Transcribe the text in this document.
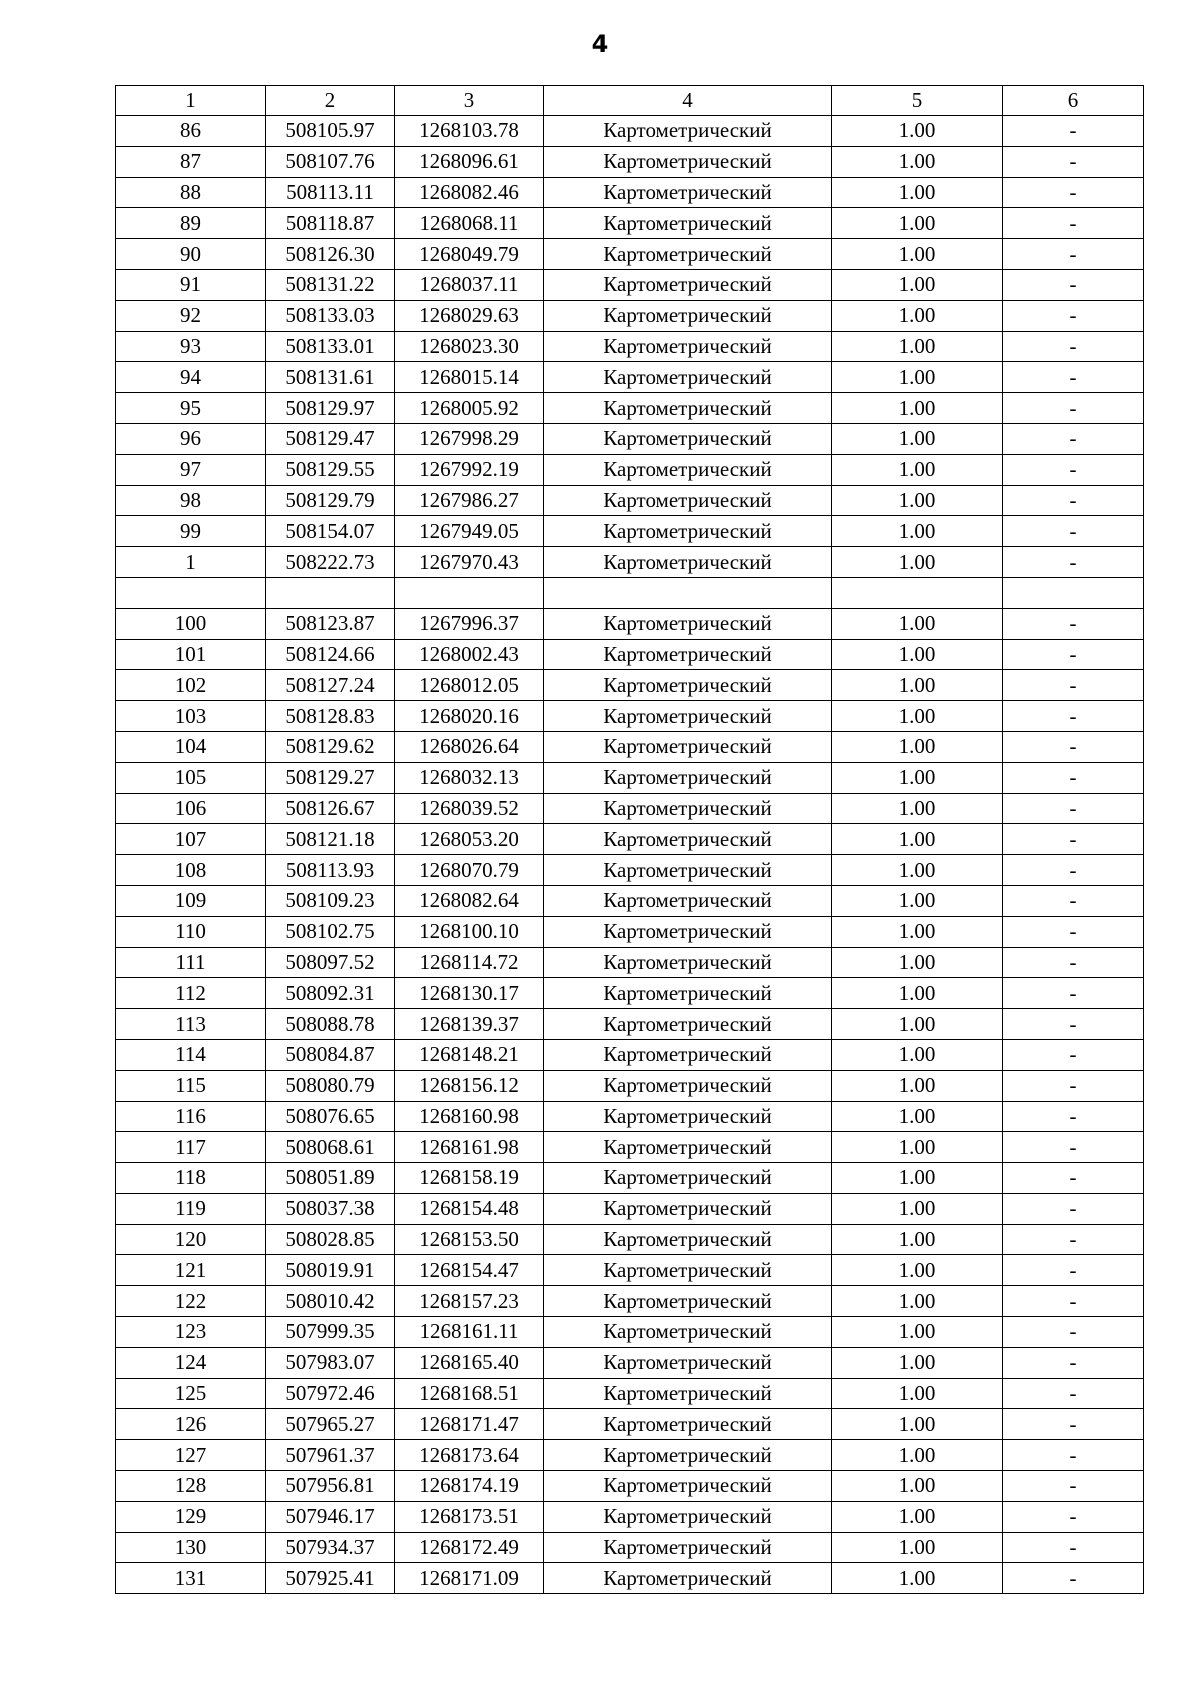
4
1	2	3	4	5	6
86	508105.97	1268103.78	Картометрический	1.00	-
87	508107.76	1268096.61	Картометрический	1.00	-
88	508113.11	1268082.46	Картометрический	1.00	-
89	508118.87	1268068.11	Картометрический	1.00	-
90	508126.30	1268049.79	Картометрический	1.00	-
91	508131.22	1268037.11	Картометрический	1.00	-
92	508133.03	1268029.63	Картометрический	1.00	-
93	508133.01	1268023.30	Картометрический	1.00	-
94	508131.61	1268015.14	Картометрический	1.00	-
95	508129.97	1268005.92	Картометрический	1.00	-
96	508129.47	1267998.29	Картометрический	1.00	-
97	508129.55	1267992.19	Картометрический	1.00	-
98	508129.79	1267986.27	Картометрический	1.00	-
99	508154.07	1267949.05	Картометрический	1.00	-
1	508222.73	1267970.43	Картометрический	1.00	-

100	508123.87	1267996.37	Картометрический	1.00	-
101	508124.66	1268002.43	Картометрический	1.00	-
102	508127.24	1268012.05	Картометрический	1.00	-
103	508128.83	1268020.16	Картометрический	1.00	-
104	508129.62	1268026.64	Картометрический	1.00	-
105	508129.27	1268032.13	Картометрический	1.00	-
106	508126.67	1268039.52	Картометрический	1.00	-
107	508121.18	1268053.20	Картометрический	1.00	-
108	508113.93	1268070.79	Картометрический	1.00	-
109	508109.23	1268082.64	Картометрический	1.00	-
110	508102.75	1268100.10	Картометрический	1.00	-
111	508097.52	1268114.72	Картометрический	1.00	-
112	508092.31	1268130.17	Картометрический	1.00	-
113	508088.78	1268139.37	Картометрический	1.00	-
114	508084.87	1268148.21	Картометрический	1.00	-
115	508080.79	1268156.12	Картометрический	1.00	-
116	508076.65	1268160.98	Картометрический	1.00	-
117	508068.61	1268161.98	Картометрический	1.00	-
118	508051.89	1268158.19	Картометрический	1.00	-
119	508037.38	1268154.48	Картометрический	1.00	-
120	508028.85	1268153.50	Картометрический	1.00	-
121	508019.91	1268154.47	Картометрический	1.00	-
122	508010.42	1268157.23	Картометрический	1.00	-
123	507999.35	1268161.11	Картометрический	1.00	-
124	507983.07	1268165.40	Картометрический	1.00	-
125	507972.46	1268168.51	Картометрический	1.00	-
126	507965.27	1268171.47	Картометрический	1.00	-
127	507961.37	1268173.64	Картометрический	1.00	-
128	507956.81	1268174.19	Картометрический	1.00	-
129	507946.17	1268173.51	Картометрический	1.00	-
130	507934.37	1268172.49	Картометрический	1.00	-
131	507925.41	1268171.09	Картометрический	1.00	-
